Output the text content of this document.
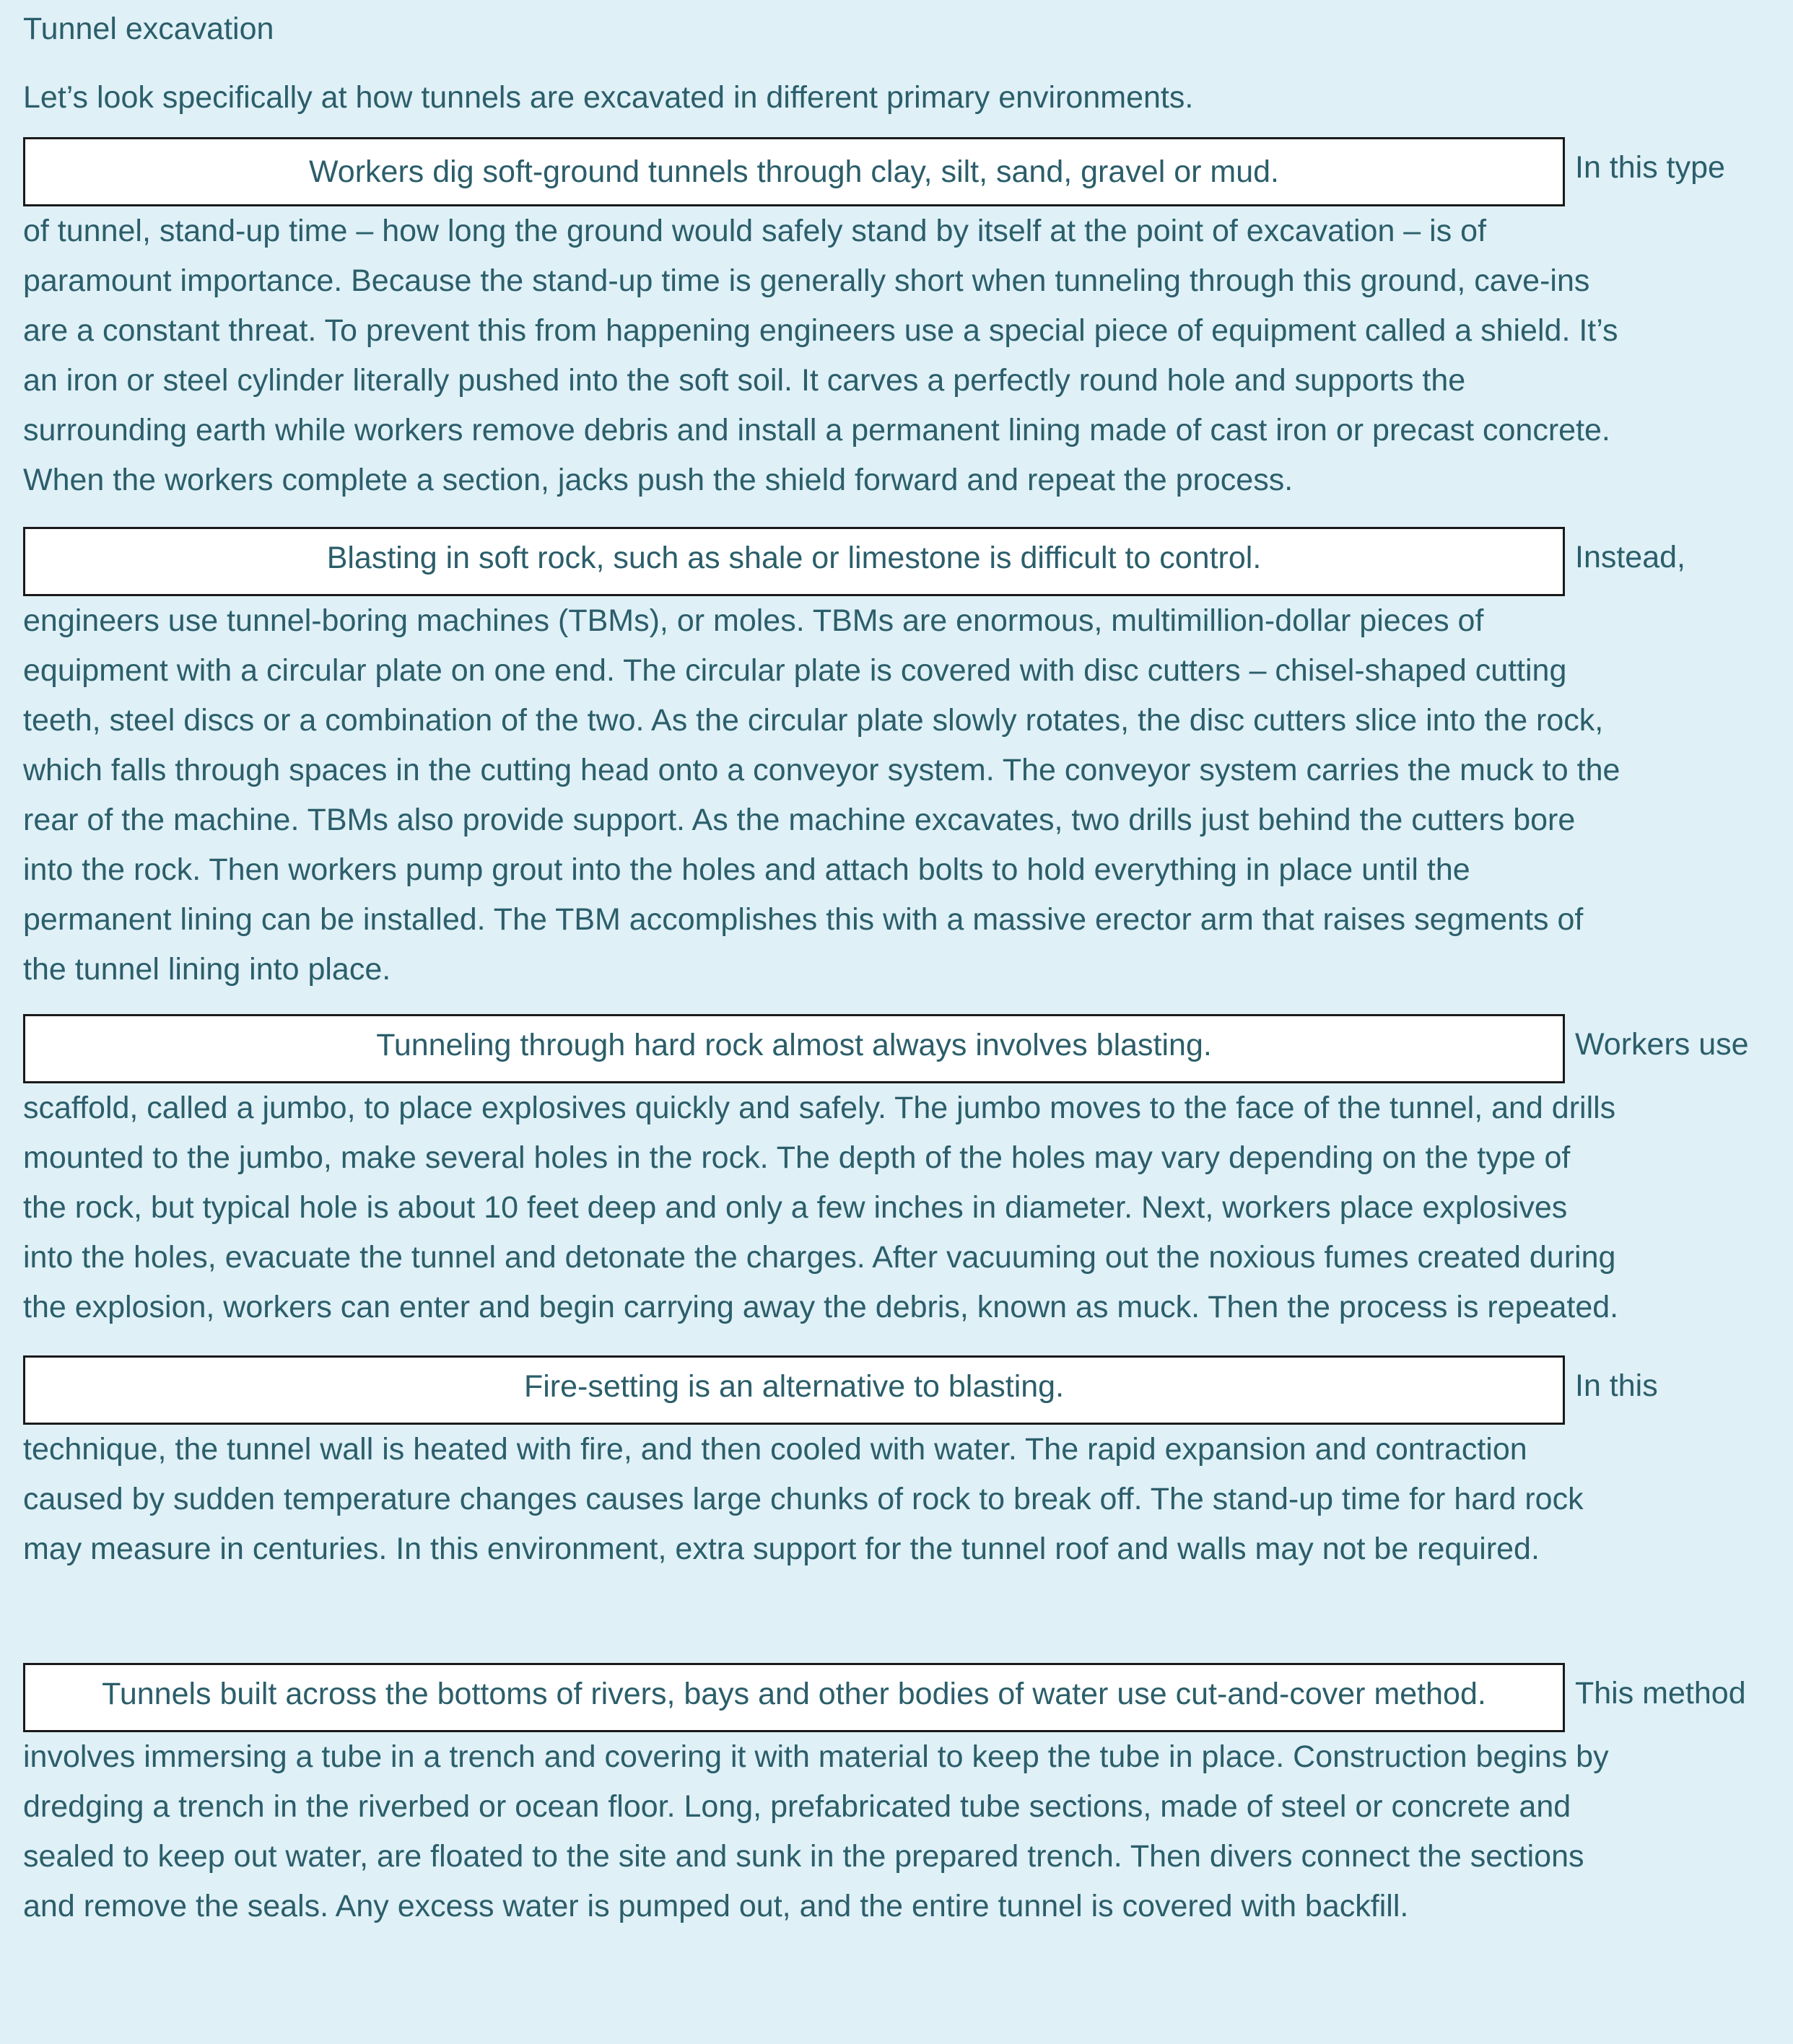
Tunnel excavation
Let’s look specifically at how tunnels are excavated in different primary environments.
Workers dig soft-ground tunnels through clay, silt, sand, gravel or mud.	In this type

of tunnel, stand-up time – how long the ground would safely stand by itself at the point of excavation – is of
paramount importance. Because the stand-up time is generally short when tunneling through this ground, cave-ins
are a constant threat. To prevent this from happening engineers use a special piece of equipment called a shield. It’s
an iron or steel cylinder literally pushed into the soft soil. It carves a perfectly round hole and supports the
surrounding earth while workers remove debris and install a permanent lining made of cast iron or precast concrete.
When the workers complete a section, jacks push the shield forward and repeat the process.

Blasting in soft rock, such as shale or limestone is difficult to control.	Instead,

engineers use tunnel-boring machines (TBMs), or moles. TBMs are enormous, multimillion-dollar pieces of
equipment with a circular plate on one end. The circular plate is covered with disc cutters – chisel-shaped cutting
teeth, steel discs or a combination of the two. As the circular plate slowly rotates, the disc cutters slice into the rock,
which falls through spaces in the cutting head onto a conveyor system. The conveyor system carries the muck to the
rear of the machine. TBMs also provide support. As the machine excavates, two drills just behind the cutters bore
into the rock. Then workers pump grout into the holes and attach bolts to hold everything in place until the
permanent lining can be installed. The TBM accomplishes this with a massive erector arm that raises segments of
the tunnel lining into place.

Tunneling through hard rock almost always involves blasting.	Workers use

scaffold, called a jumbo, to place explosives quickly and safely. The jumbo moves to the face of the tunnel, and drills
mounted to the jumbo, make several holes in the rock. The depth of the holes may vary depending on the type of
the rock, but typical hole is about 10 feet deep and only a few inches in diameter. Next, workers place explosives
into the holes, evacuate the tunnel and detonate the charges. After vacuuming out the noxious fumes created during
the explosion, workers can enter and begin carrying away the debris, known as muck. Then the process is repeated.

Fire-setting is an alternative to blasting.	In this

technique, the tunnel wall is heated with fire, and then cooled with water. The rapid expansion and contraction
caused by sudden temperature changes causes large chunks of rock to break off. The stand-up time for hard rock
may measure in centuries. In this environment, extra support for the tunnel roof and walls may not be required.

Tunnels built across the bottoms of rivers, bays and other bodies of water use cut-and-cover method.	This method

involves immersing a tube in a trench and covering it with material to keep the tube in place. Construction begins by
dredging a trench in the riverbed or ocean floor. Long, prefabricated tube sections, made of steel or concrete and
sealed to keep out water, are floated to the site and sunk in the prepared trench. Then divers connect the sections
and remove the seals. Any excess water is pumped out, and the entire tunnel is covered with backfill.
